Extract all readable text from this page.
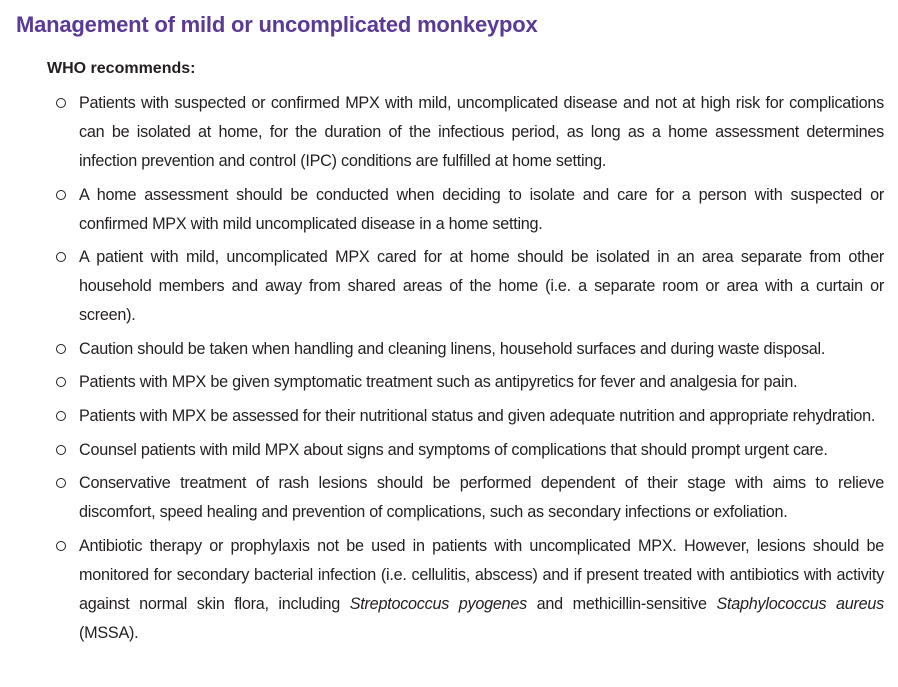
Management of mild or uncomplicated monkeypox
WHO recommends:
Patients with suspected or confirmed MPX with mild, uncomplicated disease and not at high risk for complications can be isolated at home, for the duration of the infectious period, as long as a home assessment determines infection prevention and control (IPC) conditions are fulfilled at home setting.
A home assessment should be conducted when deciding to isolate and care for a person with suspected or confirmed MPX with mild uncomplicated disease in a home setting.
A patient with mild, uncomplicated MPX cared for at home should be isolated in an area separate from other household members and away from shared areas of the home (i.e. a separate room or area with a curtain or screen).
Caution should be taken when handling and cleaning linens, household surfaces and during waste disposal.
Patients with MPX be given symptomatic treatment such as antipyretics for fever and analgesia for pain.
Patients with MPX be assessed for their nutritional status and given adequate nutrition and appropriate rehydration.
Counsel patients with mild MPX about signs and symptoms of complications that should prompt urgent care.
Conservative treatment of rash lesions should be performed dependent of their stage with aims to relieve discomfort, speed healing and prevention of complications, such as secondary infections or exfoliation.
Antibiotic therapy or prophylaxis not be used in patients with uncomplicated MPX. However, lesions should be monitored for secondary bacterial infection (i.e. cellulitis, abscess) and if present treated with antibiotics with activity against normal skin flora, including Streptococcus pyogenes and methicillin-sensitive Staphylococcus aureus (MSSA).
